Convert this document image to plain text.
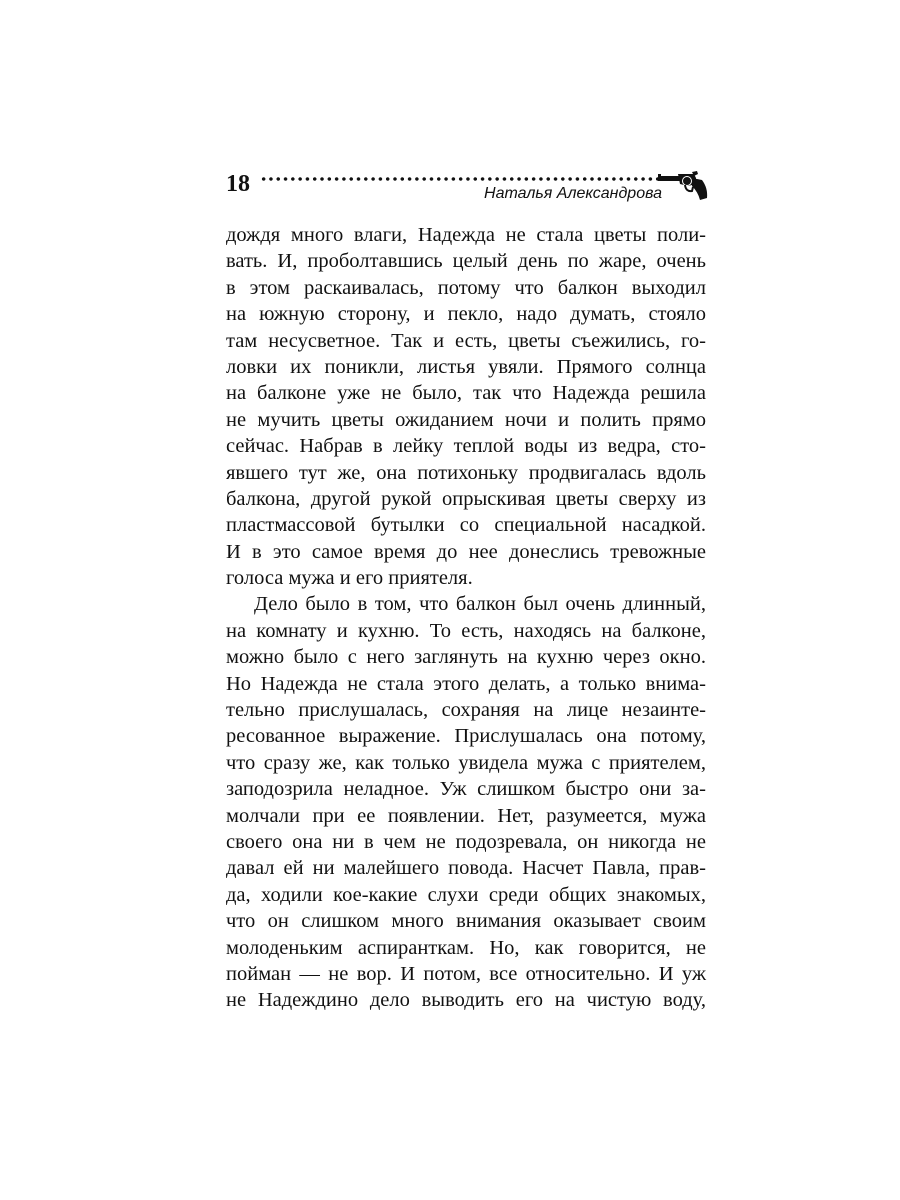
18	Наталья Александрова
дождя много влаги, Надежда не стала цветы поли-
вать. И, проболтавшись целый день по жаре, очень
в этом раскаивалась, потому что балкон выходил
на южную сторону, и пекло, надо думать, стояло
там несусветное. Так и есть, цветы съежились, го-
ловки их поникли, листья увяли. Прямого солнца
на балконе уже не было, так что Надежда решила
не мучить цветы ожиданием ночи и полить прямо
сейчас. Набрав в лейку теплой воды из ведра, сто-
явшего тут же, она потихоньку продвигалась вдоль
балкона, другой рукой опрыскивая цветы сверху из
пластмассовой бутылки со специальной насадкой.
И в это самое время до нее донеслись тревожные
голоса мужа и его приятеля.
Дело было в том, что балкон был очень длинный,
на комнату и кухню. То есть, находясь на балконе,
можно было с него заглянуть на кухню через окно.
Но Надежда не стала этого делать, а только внима-
тельно прислушалась, сохраняя на лице незаинте-
ресованное выражение. Прислушалась она потому,
что сразу же, как только увидела мужа с приятелем,
заподозрила неладное. Уж слишком быстро они за-
молчали при ее появлении. Нет, разумеется, мужа
своего она ни в чем не подозревала, он никогда не
давал ей ни малейшего повода. Насчет Павла, прав-
да, ходили кое-какие слухи среди общих знакомых,
что он слишком много внимания оказывает своим
молоденьким аспиранткам. Но, как говорится, не
пойман — не вор. И потом, все относительно. И уж
не Надеждино дело выводить его на чистую воду,
